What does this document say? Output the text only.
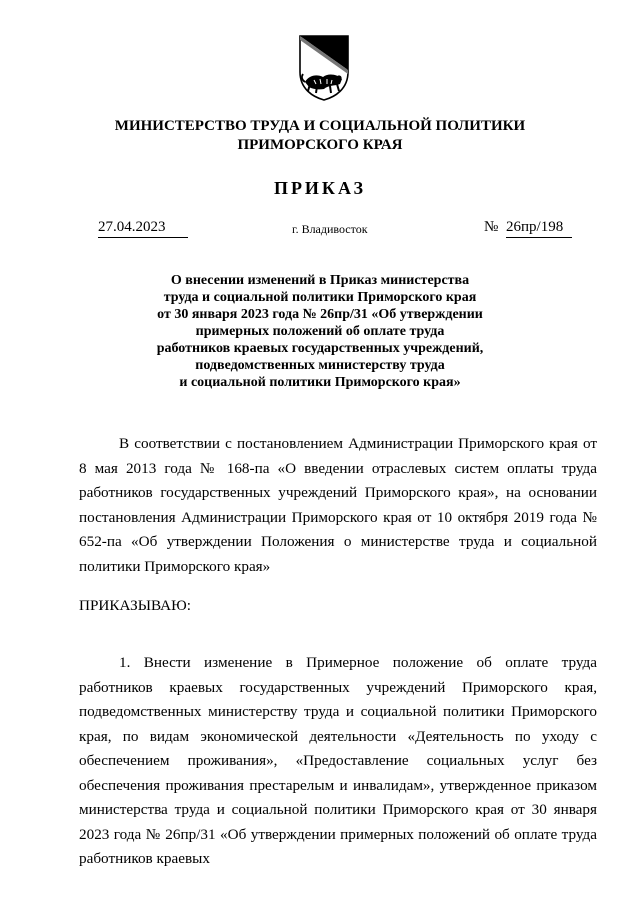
МИНИСТЕРСТВО ТРУДА И СОЦИАЛЬНОЙ ПОЛИТИКИ
ПРИМОРСКОГО КРАЯ
ПРИКАЗ
27.04.2023	г. Владивосток	№ 26пр/198
О внесении изменений в Приказ министерства
труда и социальной политики Приморского края
от 30 января 2023 года № 26пр/31 «Об утверждении
примерных положений об оплате труда
работников краевых государственных учреждений,
подведомственных министерству труда
и социальной политики Приморского края»
В соответствии с постановлением Администрации Приморского края от 8 мая 2013 года № 168-па «О введении отраслевых систем оплаты труда работников государственных учреждений Приморского края», на основании постановления Администрации Приморского края от 10 октября 2019 года № 652-па «Об утверждении Положения о министерстве труда и социальной политики Приморского края»
ПРИКАЗЫВАЮ:
1. Внести изменение в Примерное положение об оплате труда работников краевых государственных учреждений Приморского края, подведомственных министерству труда и социальной политики Приморского края, по видам экономической деятельности «Деятельность по уходу с обеспечением проживания», «Предоставление социальных услуг без обеспечения проживания престарелым и инвалидам», утвержденное приказом министерства труда и социальной политики Приморского края от 30 января 2023 года № 26пр/31 «Об утверждении примерных положений об оплате труда работников краевых
